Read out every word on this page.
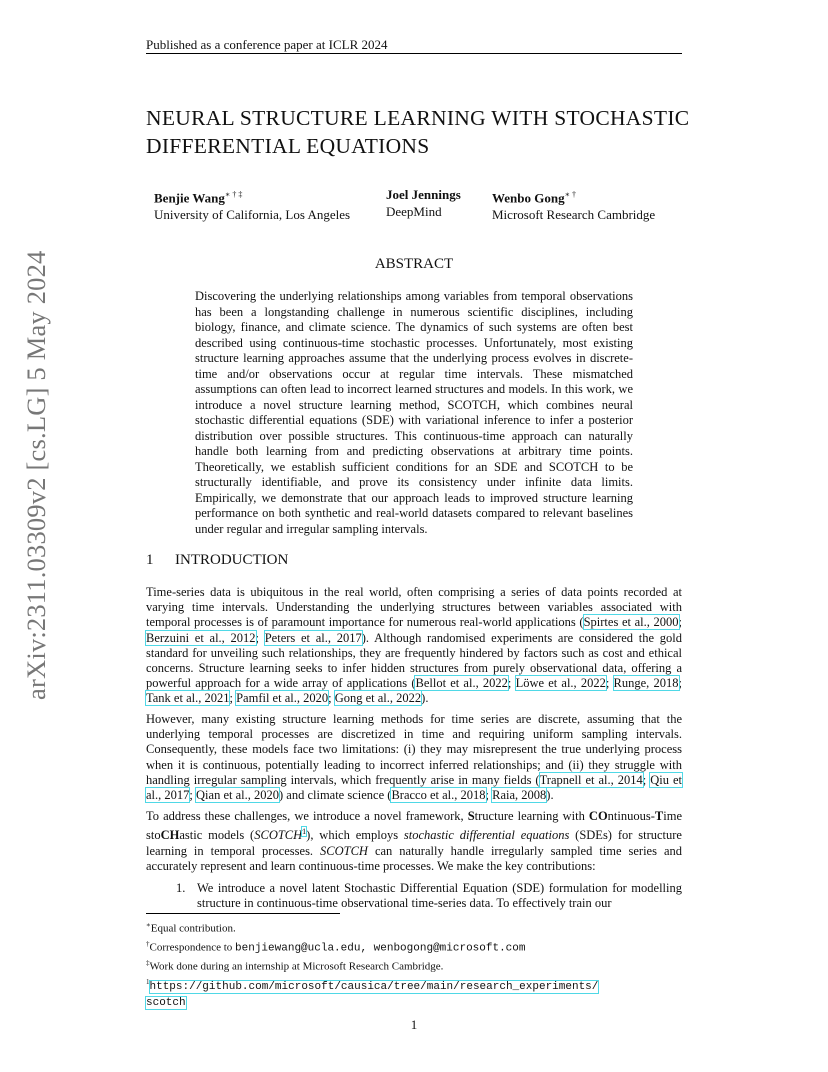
Published as a conference paper at ICLR 2024
arXiv:2311.03309v2 [cs.LG] 5 May 2024
NEURAL STRUCTURE LEARNING WITH STOCHASTIC
DIFFERENTIAL EQUATIONS
Benjie Wang∗ † ‡
University of California, Los Angeles
Joel Jennings
DeepMind
Wenbo Gong∗ †
Microsoft Research Cambridge
ABSTRACT
Discovering the underlying relationships among variables from temporal observations has been a longstanding challenge in numerous scientific disciplines, including biology, finance, and climate science. The dynamics of such systems are often best described using continuous-time stochastic processes. Unfortunately, most existing structure learning approaches assume that the underlying process evolves in discrete-time and/or observations occur at regular time intervals. These mismatched assumptions can often lead to incorrect learned structures and models. In this work, we introduce a novel structure learning method, SCOTCH, which combines neural stochastic differential equations (SDE) with variational inference to infer a posterior distribution over possible structures. This continuous-time approach can naturally handle both learning from and predicting observations at arbitrary time points. Theoretically, we establish sufficient conditions for an SDE and SCOTCH to be structurally identifiable, and prove its consistency under infinite data limits. Empirically, we demonstrate that our approach leads to improved structure learning performance on both synthetic and real-world datasets compared to relevant baselines under regular and irregular sampling intervals.
1 INTRODUCTION

Time-series data is ubiquitous in the real world, often comprising a series of data points recorded at varying time intervals. Understanding the underlying structures between variables associated with temporal processes is of paramount importance for numerous real-world applications (Spirtes et al., 2000; Berzuini et al., 2012; Peters et al., 2017). Although randomised experiments are considered the gold standard for unveiling such relationships, they are frequently hindered by factors such as cost and ethical concerns. Structure learning seeks to infer hidden structures from purely observational data, offering a powerful approach for a wide array of applications (Bellot et al., 2022; Löwe et al., 2022; Runge, 2018; Tank et al., 2021; Pamfil et al., 2020; Gong et al., 2022).

However, many existing structure learning methods for time series are discrete, assuming that the underlying temporal processes are discretized in time and requiring uniform sampling intervals. Consequently, these models face two limitations: (i) they may misrepresent the true underlying process when it is continuous, potentially leading to incorrect inferred relationships; and (ii) they struggle with handling irregular sampling intervals, which frequently arise in many fields (Trapnell et al., 2014; Qiu et al., 2017; Qian et al., 2020) and climate science (Bracco et al., 2018; Raia, 2008).

To address these challenges, we introduce a novel framework, Structure learning with COntinuous-Time stoCHastic models (SCOTCH$^1$), which employs stochastic differential equations (SDEs) for structure learning in temporal processes. SCOTCH can naturally handle irregularly sampled time series and accurately represent and learn continuous-time processes. We make the key contributions:

1. We introduce a novel latent Stochastic Differential Equation (SDE) formulation for modelling structure in continuous-time observational time-series data. To effectively train our
∗Equal contribution.
†Correspondence to benjiewang@ucla.edu, wenbogong@microsoft.com
‡Work done during an internship at Microsoft Research Cambridge.
$^1$https://github.com/microsoft/causica/tree/main/research_experiments/
scotch
1
